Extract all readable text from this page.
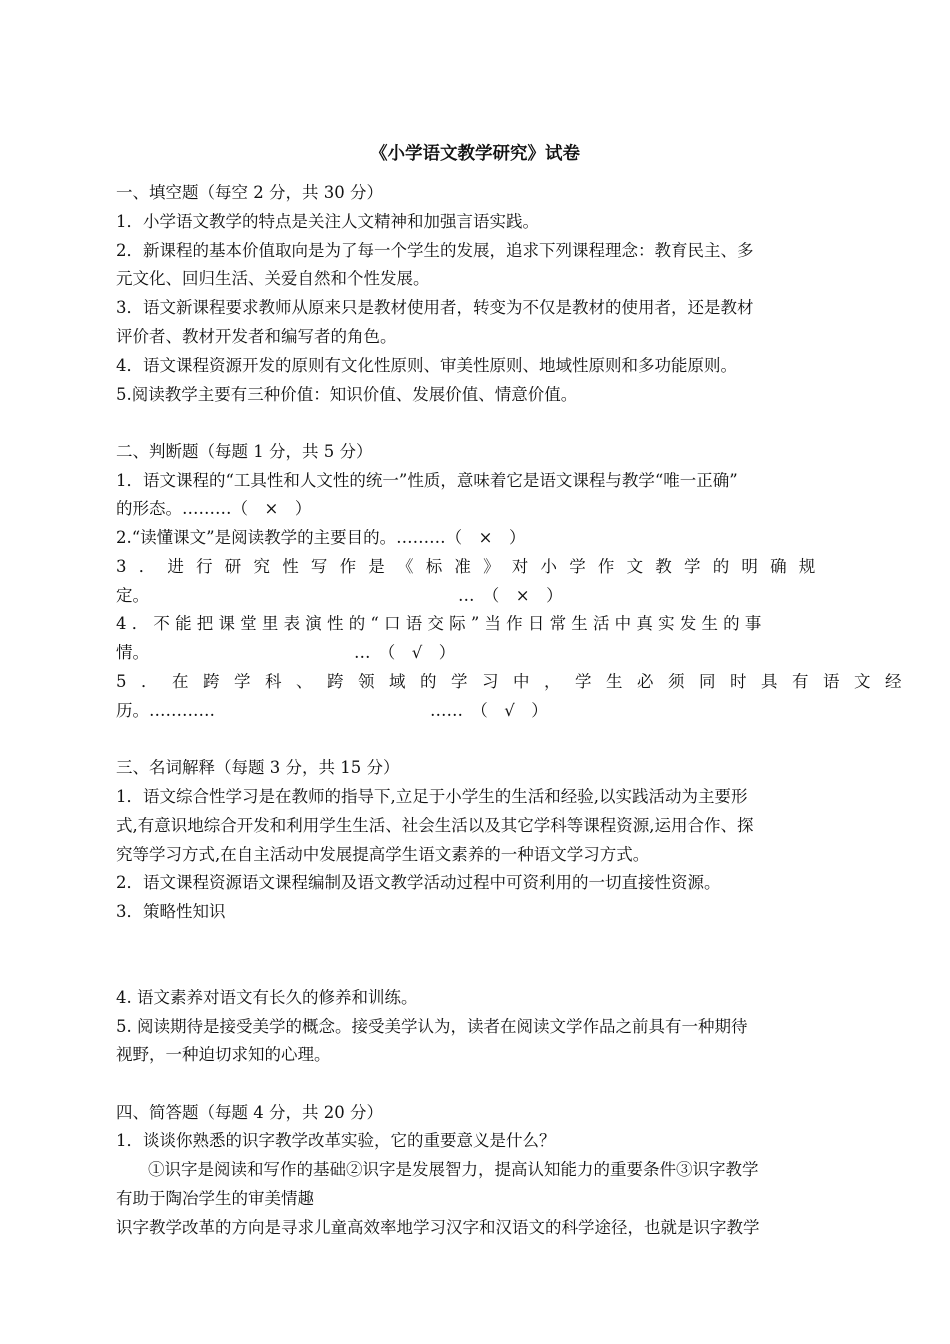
《小学语文教学研究》试卷
一、填空题（每空 2 分，共 30 分）
1．小学语文教学的特点是关注人文精神和加强言语实践。
2．新课程的基本价值取向是为了每一个学生的发展，追求下列课程理念：教育民主、多
元文化、回归生活、关爱自然和个性发展。
3．语文新课程要求教师从原来只是教材使用者，转变为不仅是教材的使用者，还是教材
评价者、教材开发者和编写者的角色。
4．语文课程资源开发的原则有文化性原则、审美性原则、地域性原则和多功能原则。
5.阅读教学主要有三种价值：知识价值、发展价值、情意价值。
二、判断题（每题 1 分，共 5 分）
1．语文课程的“工具性和人文性的统一”性质，意味着它是语文课程与教学“唯一正确”
的形态。………（　×　）
2.“读懂课文”是阅读教学的主要目的。………（　×　）
3．进行研究性写作是《标准》对小学作文教学的明确规
定。	…　（　×　）
4．不能把课堂里表演性的“口语交际”当作日常生活中真实发生的事
情。	…　（　√　）
5．在跨学科、跨领域的学习中，学生必须同时具有语文经
历。…………	……　（　√　）
三、名词解释（每题 3 分，共 15 分）
1．语文综合性学习是在教师的指导下,立足于小学生的生活和经验,以实践活动为主要形
式,有意识地综合开发和利用学生生活、社会生活以及其它学科等课程资源,运用合作、探
究等学习方式,在自主活动中发展提高学生语文素养的一种语文学习方式。
2．语文课程资源语文课程编制及语文教学活动过程中可资利用的一切直接性资源。
3．策略性知识
4. 语文素养对语文有长久的修养和训练。
5. 阅读期待是接受美学的概念。接受美学认为，读者在阅读文学作品之前具有一种期待
视野，一种迫切求知的心理。
四、简答题（每题 4 分，共 20 分）
1．谈谈你熟悉的识字教学改革实验，它的重要意义是什么？
①识字是阅读和写作的基础②识字是发展智力，提高认知能力的重要条件③识字教学
有助于陶冶学生的审美情趣
识字教学改革的方向是寻求儿童高效率地学习汉字和汉语文的科学途径，也就是识字教学
